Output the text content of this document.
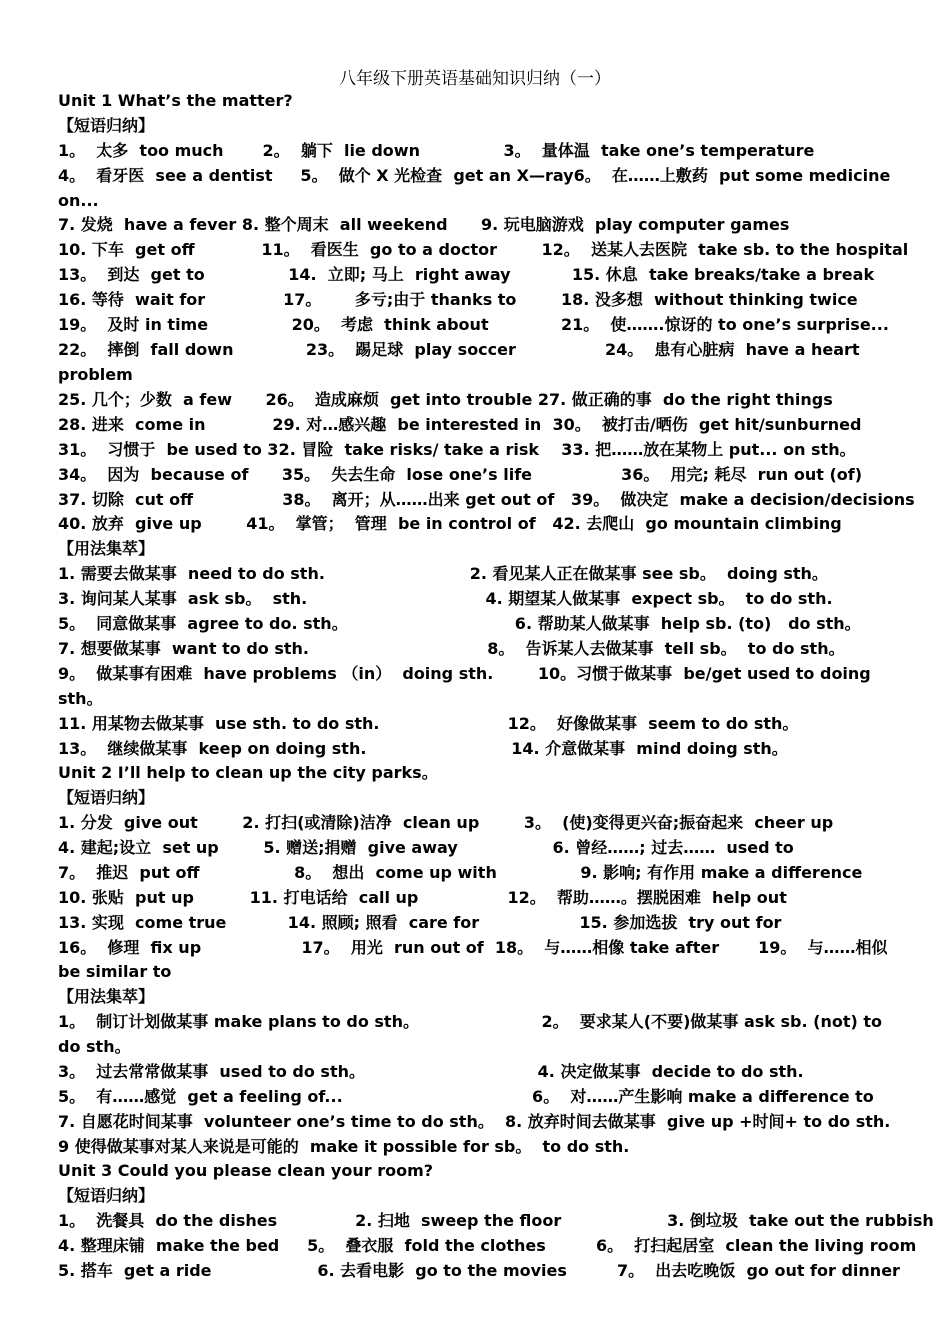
八年级下册英语基础知识归纳（一）
Unit 1 What’s the matter?
【短语归纳】
1。  太多  too much       2。  躺下  lie down               3。  量体温  take one’s temperature
4。  看牙医  see a dentist     5。  做个 X 光检查  get an X—ray6。  在……上敷药  put some medicine
on...
7. 发烧  have a fever 8. 整个周末  all weekend      9. 玩电脑游戏  play computer games
10. 下车  get off            11。  看医生  go to a doctor        12。  送某人去医院  take sb. to the hospital
13。  到达  get to               14.  立即; 马上  right away           15. 休息  take breaks/take a break
16. 等待  wait for              17。      多亏;由于 thanks to        18. 没多想  without thinking twice
19。  及时 in time               20。  考虑  think about             21。  使…….惊讶的 to one’s surprise...
22。  摔倒  fall down             23。  踢足球  play soccer                24。  患有心脏病  have a heart
problem
25. 几个；少数  a few      26。  造成麻烦  get into trouble 27. 做正确的事  do the right things
28. 进来  come in            29. 对…感兴趣  be interested in  30。  被打击/晒伤  get hit/sunburned
31。  习惯于  be used to 32. 冒险  take risks/ take a risk    33. 把……放在某物上 put... on sth。
34。  因为  because of      35。  失去生命  lose one’s life                36。  用完; 耗尽  run out (of)
37. 切除  cut off                38。  离开；从……出来 get out of   39。  做决定  make a decision/decisions
40. 放弃  give up        41。  掌管；  管理  be in control of   42. 去爬山  go mountain climbing
【用法集萃】
1. 需要去做某事  need to do sth.                          2. 看见某人正在做某事 see sb。  doing sth。
3. 询问某人某事  ask sb。  sth.                                4. 期望某人做某事  expect sb。  to do sth.
5。  同意做某事  agree to do. sth。                              6. 帮助某人做某事  help sb. (to)   do sth。
7. 想要做某事  want to do sth.                                8。  告诉某人去做某事  tell sb。  to do sth。
9。  做某事有困难  have problems （in）  doing sth.        10。习惯于做某事  be/get used to doing
sth。
11. 用某物去做某事  use sth. to do sth.                       12。  好像做某事  seem to do sth。
13。  继续做某事  keep on doing sth.                          14. 介意做某事  mind doing sth。
Unit 2 I’ll help to clean up the city parks。
【短语归纳】
1. 分发  give out        2. 打扫(或清除)洁净  clean up        3。  (使)变得更兴奋;振奋起来  cheer up
4. 建起;设立  set up        5. 赠送;捐赠  give away                 6. 曾经……; 过去……  used to
7。  推迟  put off                 8。  想出  come up with               9. 影响; 有作用 make a difference
10. 张贴  put up          11. 打电话给  call up                12。  帮助……。摆脱困难  help out
13. 实现  come true           14. 照顾; 照看  care for                  15. 参加选拔  try out for
16。  修理  fix up                  17。  用光  run out of  18。  与……相像 take after       19。  与……相似
be similar to
【用法集萃】
1。  制订计划做某事 make plans to do sth。                      2。  要求某人(不要)做某事 ask sb. (not) to
do sth。
3。  过去常常做某事  used to do sth。                               4. 决定做某事  decide to do sth.
5。  有……感觉  get a feeling of...                                  6。  对……产生影响 make a difference to
7. 自愿花时间某事  volunteer one’s time to do sth。  8. 放弃时间去做某事  give up +时间+ to do sth.
9 使得做某事对某人来说是可能的  make it possible for sb。  to do sth.
Unit 3 Could you please clean your room?
【短语归纳】
1。  洗餐具  do the dishes              2. 扫地  sweep the floor                   3. 倒垃圾  take out the rubbish
4. 整理床铺  make the bed     5。  叠衣服  fold the clothes         6。  打扫起居室  clean the living room
5. 搭车  get a ride                   6. 去看电影  go to the movies         7。  出去吃晚饭  go out for dinner
